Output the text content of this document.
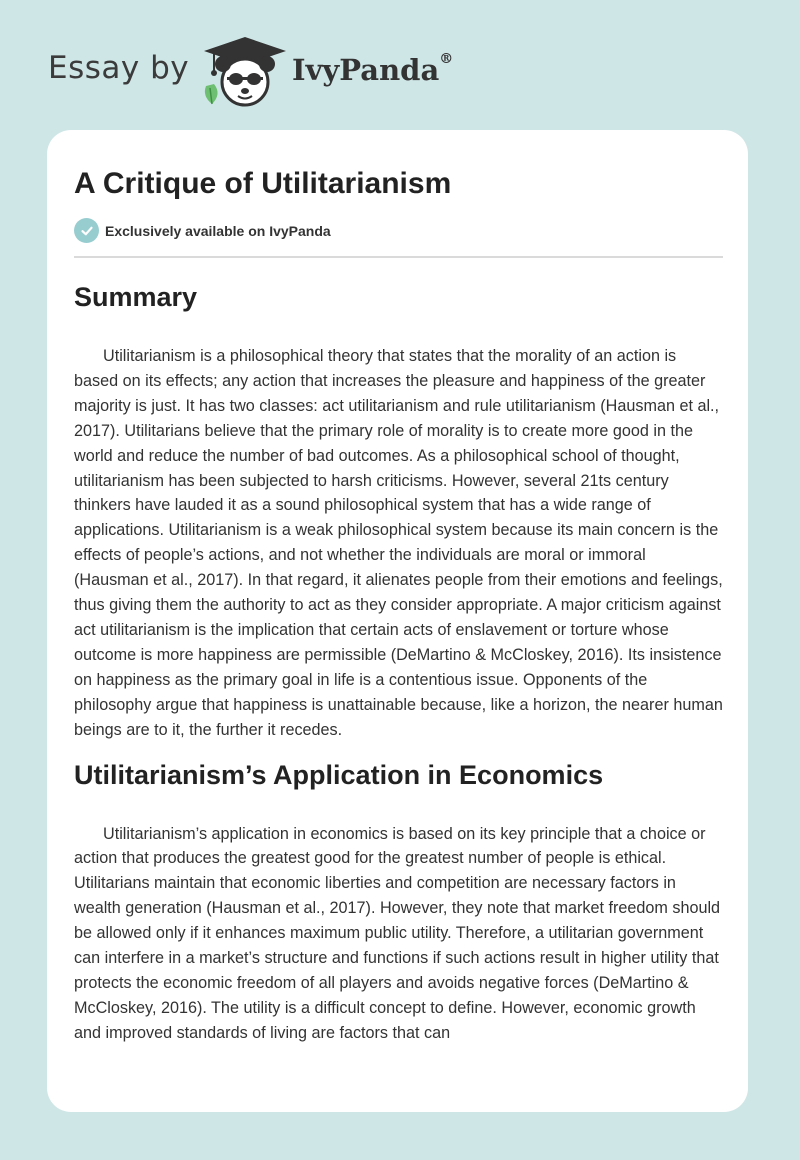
Essay by	IvyPanda®
A Critique of Utilitarianism
Exclusively available on IvyPanda
Summary

Utilitarianism is a philosophical theory that states that the morality of an action is based on its effects; any action that increases the pleasure and happiness of the greater majority is just. It has two classes: act utilitarianism and rule utilitarianism (Hausman et al., 2017). Utilitarians believe that the primary role of morality is to create more good in the world and reduce the number of bad outcomes. As a philosophical school of thought, utilitarianism has been subjected to harsh criticisms. However, several 21ts century thinkers have lauded it as a sound philosophical system that has a wide range of applications. Utilitarianism is a weak philosophical system because its main concern is the effects of people’s actions, and not whether the individuals are moral or immoral (Hausman et al., 2017). In that regard, it alienates people from their emotions and feelings, thus giving them the authority to act as they consider appropriate. A major criticism against act utilitarianism is the implication that certain acts of enslavement or torture whose outcome is more happiness are permissible (DeMartino & McCloskey, 2016). Its insistence on happiness as the primary goal in life is a contentious issue. Opponents of the philosophy argue that happiness is unattainable because, like a horizon, the nearer human beings are to it, the further it recedes.

Utilitarianism’s Application in Economics

Utilitarianism’s application in economics is based on its key principle that a choice or action that produces the greatest good for the greatest number of people is ethical. Utilitarians maintain that economic liberties and competition are necessary factors in wealth generation (Hausman et al., 2017). However, they note that market freedom should be allowed only if it enhances maximum public utility. Therefore, a utilitarian government can interfere in a market’s structure and functions if such actions result in higher utility that protects the economic freedom of all players and avoids negative forces (DeMartino & McCloskey, 2016). The utility is a difficult concept to define. However, economic growth and improved standards of living are factors that can
